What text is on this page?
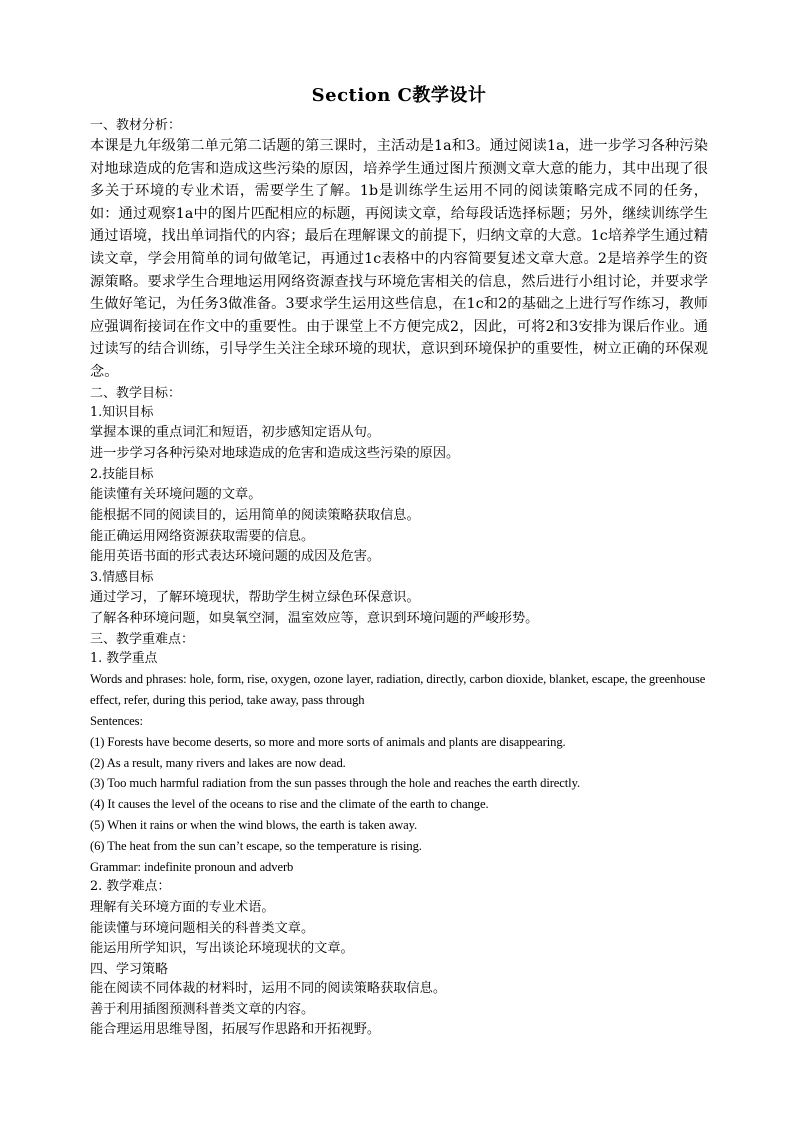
Section C教学设计
一、教材分析：

本课是九年级第二单元第二话题的第三课时，主活动是1a和3。通过阅读1a，进一步学习各种污染对地球造成的危害和造成这些污染的原因，培养学生通过图片预测文章大意的能力，其中出现了很多关于环境的专业术语，需要学生了解。1b是训练学生运用不同的阅读策略完成不同的任务，如：通过观察1a中的图片匹配相应的标题，再阅读文章，给每段话选择标题；另外，继续训练学生通过语境，找出单词指代的内容；最后在理解课文的前提下，归纳文章的大意。1c培养学生通过精读文章，学会用简单的词句做笔记，再通过1c表格中的内容简要复述文章大意。2是培养学生的资源策略。要求学生合理地运用网络资源查找与环境危害相关的信息，然后进行小组讨论，并要求学生做好笔记，为任务3做准备。3要求学生运用这些信息，在1c和2的基础之上进行写作练习，教师应强调衔接词在作文中的重要性。由于课堂上不方便完成2，因此，可将2和3安排为课后作业。通过读写的结合训练，引导学生关注全球环境的现状，意识到环境保护的重要性，树立正确的环保观念。

二、教学目标：
1.知识目标

掌握本课的重点词汇和短语，初步感知定语从句。

进一步学习各种污染对地球造成的危害和造成这些污染的原因。

2.技能目标

能读懂有关环境问题的文章。

能根据不同的阅读目的，运用简单的阅读策略获取信息。

能正确运用网络资源获取需要的信息。

能用英语书面的形式表达环境问题的成因及危害。

3.情感目标

通过学习，了解环境现状，帮助学生树立绿色环保意识。

了解各种环境问题，如臭氧空洞，温室效应等，意识到环境问题的严峻形势。

三、教学重难点：
1. 教学重点

Words and phrases: hole, form, rise, oxygen, ozone layer, radiation, directly, carbon dioxide, blanket, escape, the greenhouse effect, refer, during this period, take away, pass through

Sentences:

(1) Forests have become deserts, so more and more sorts of animals and plants are disappearing.

(2) As a result, many rivers and lakes are now dead.

(3) Too much harmful radiation from the sun passes through the hole and reaches the earth directly.

(4) It causes the level of the oceans to rise and the climate of the earth to change.

(5) When it rains or when the wind blows, the earth is taken away.

(6) The heat from the sun can’t escape, so the temperature is rising.

Grammar: indefinite pronoun and adverb

2. 教学难点：

理解有关环境方面的专业术语。

能读懂与环境问题相关的科普类文章。

能运用所学知识，写出谈论环境现状的文章。

四、学习策略

能在阅读不同体裁的材料时，运用不同的阅读策略获取信息。

善于利用插图预测科普类文章的内容。

能合理运用思维导图，拓展写作思路和开拓视野。
